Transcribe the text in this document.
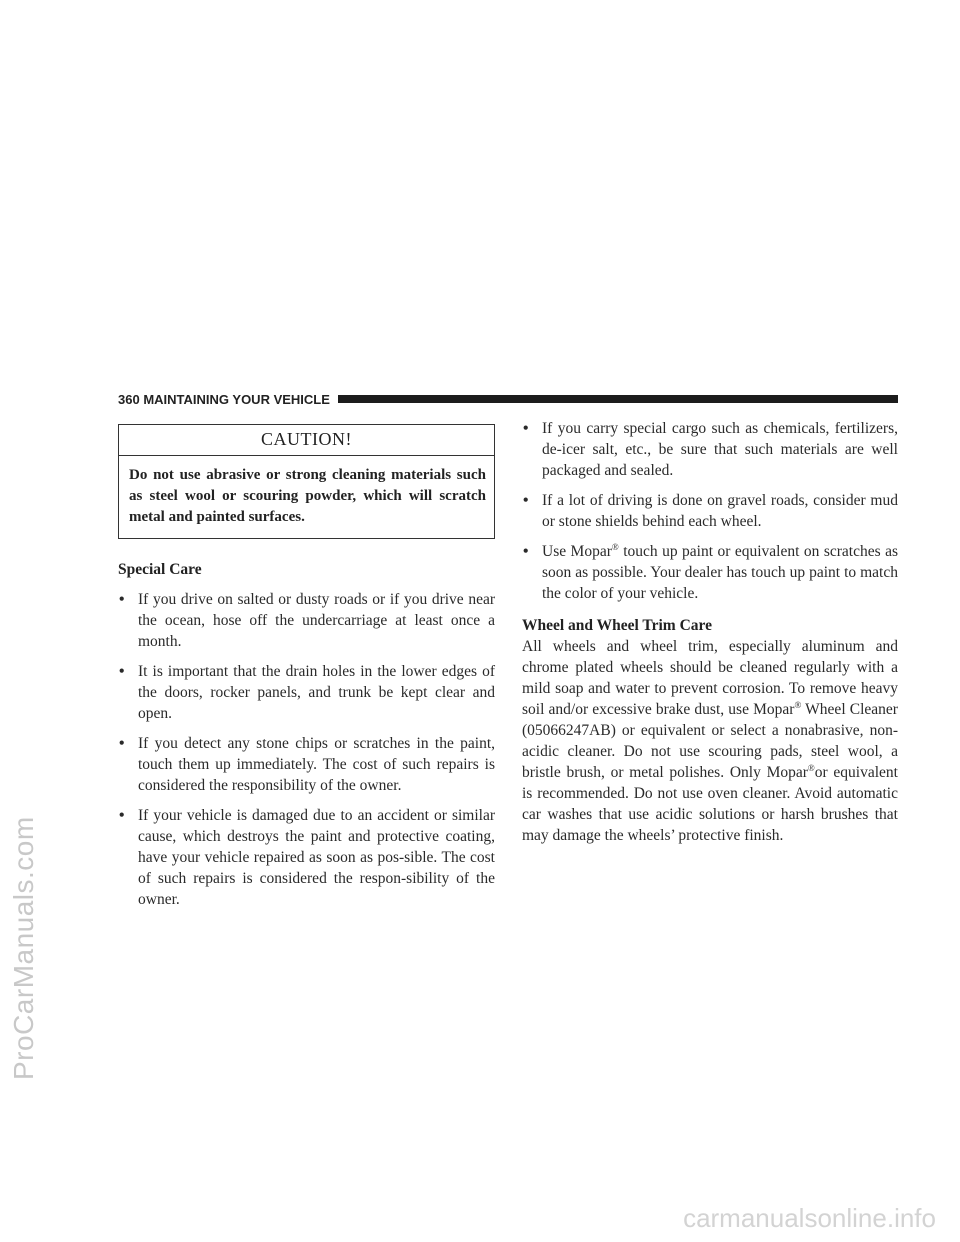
ProCarManuals.com
carmanualsonline.info
360 MAINTAINING YOUR VEHICLE
CAUTION!
Do not use abrasive or strong cleaning materials such as steel wool or scouring powder, which will scratch metal and painted surfaces.
Special Care
• If you drive on salted or dusty roads or if you drive near the ocean, hose off the undercarriage at least once a month.
• It is important that the drain holes in the lower edges of the doors, rocker panels, and trunk be kept clear and open.
• If you detect any stone chips or scratches in the paint, touch them up immediately. The cost of such repairs is considered the responsibility of the owner.
• If your vehicle is damaged due to an accident or similar cause, which destroys the paint and protective coating, have your vehicle repaired as soon as pos-sible. The cost of such repairs is considered the respon-sibility of the owner.
• If you carry special cargo such as chemicals, fertilizers, de-icer salt, etc., be sure that such materials are well packaged and sealed.
• If a lot of driving is done on gravel roads, consider mud or stone shields behind each wheel.
• Use Mopar® touch up paint or equivalent on scratches as soon as possible. Your dealer has touch up paint to match the color of your vehicle.
Wheel and Wheel Trim Care
All wheels and wheel trim, especially aluminum and chrome plated wheels should be cleaned regularly with a mild soap and water to prevent corrosion. To remove heavy soil and/or excessive brake dust, use Mopar® Wheel Cleaner (05066247AB) or equivalent or select a nonabrasive, non-acidic cleaner. Do not use scouring pads, steel wool, a bristle brush, or metal polishes. Only Mopar®or equivalent is recommended. Do not use oven cleaner. Avoid automatic car washes that use acidic solutions or harsh brushes that may damage the wheels’ protective finish.
